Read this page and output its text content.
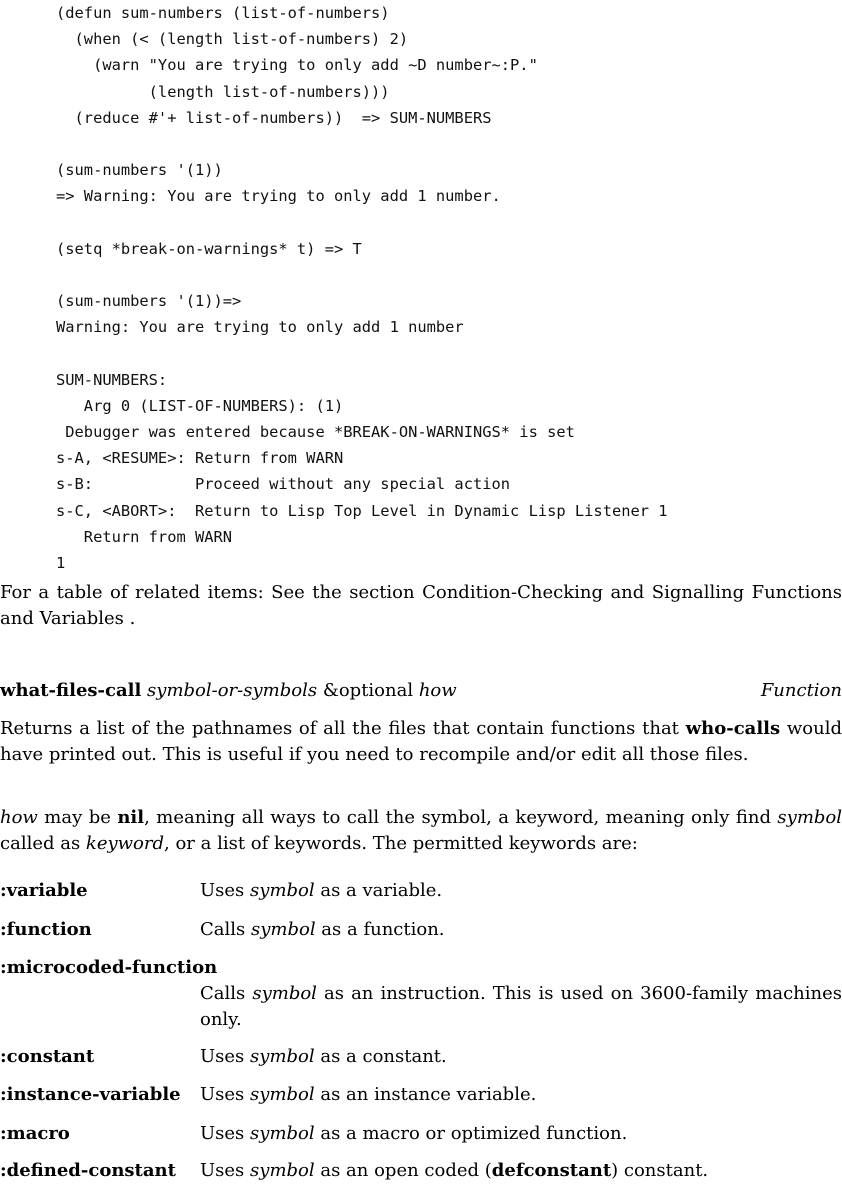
(defun sum-numbers (list-of-numbers)
(when (< (length list-of-numbers) 2)
(warn "You are trying to only add ~D number~:P."
(length list-of-numbers)))
(reduce #'+ list-of-numbers))  => SUM-NUMBERS
(sum-numbers '(1))
=> Warning: You are trying to only add 1 number.
(setq *break-on-warnings* t) => T
(sum-numbers '(1))=>
Warning: You are trying to only add 1 number
SUM-NUMBERS:
Arg 0 (LIST-OF-NUMBERS): (1)
Debugger was entered because *BREAK-ON-WARNINGS* is set
s-A, <RESUME>: Return from WARN
s-B:           Proceed without any special action
s-C, <ABORT>:  Return to Lisp Top Level in Dynamic Lisp Listener 1
Return from WARN
1

For a table of related items: See the section Condition-Checking and Signalling Functions and Variables .

what-files-call symbol-or-symbols &optional how	Function

Returns a list of the pathnames of all the files that contain functions that who-calls would have printed out. This is useful if you need to recompile and/or edit all those files.

how may be nil, meaning all ways to call the symbol, a keyword, meaning only find symbol called as keyword, or a list of keywords. The permitted keywords are:

:variable	Uses symbol as a variable.
:function	Calls symbol as a function.
:microcoded-function
Calls symbol as an instruction. This is used on 3600-family machines only.
:constant	Uses symbol as a constant.
:instance-variable Uses symbol as an instance variable.
:macro	Uses symbol as a macro or optimized function.
:defined-constant Uses symbol as an open coded (defconstant) constant.
